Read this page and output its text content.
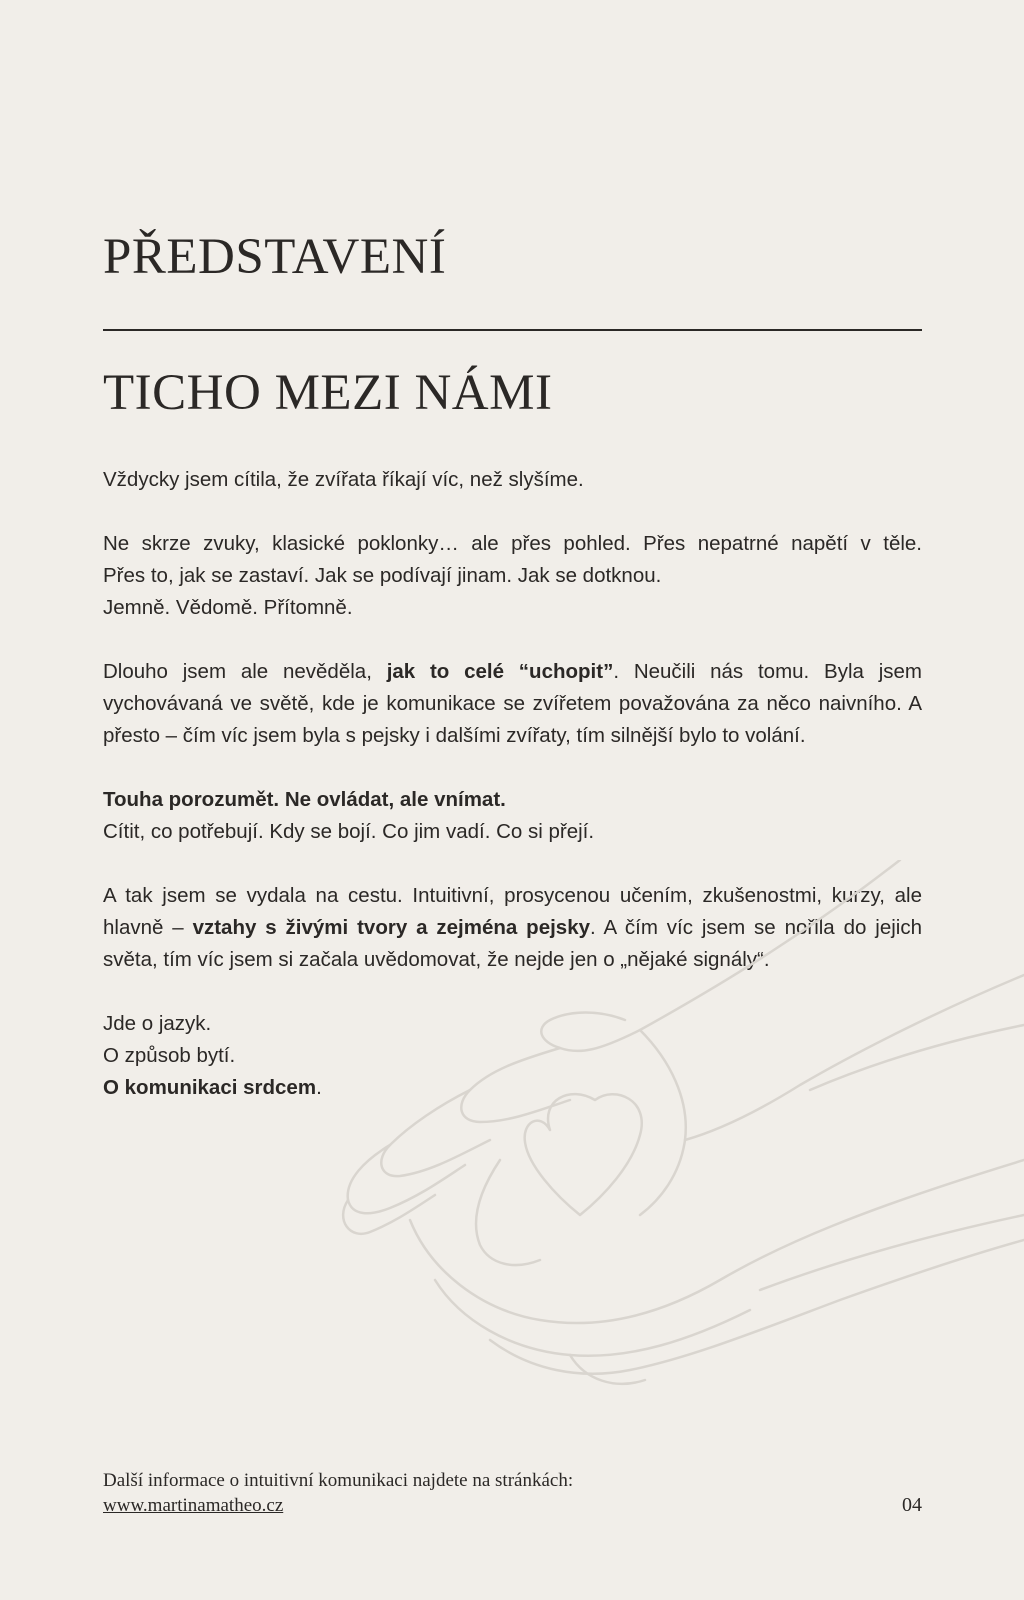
PŘEDSTAVENÍ
TICHO MEZI NÁMI

Vždycky jsem cítila, že zvířata říkají víc, než slyšíme.

Ne skrze zvuky, klasické poklonky… ale přes pohled. Přes nepatrné napětí v těle.
Přes to, jak se zastaví. Jak se podívají jinam. Jak se dotknou.
Jemně. Vědomě. Přítomně.

Dlouho jsem ale nevěděla, jak to celé “uchopit”. Neučili nás tomu. Byla jsem vychovávaná ve světě, kde je komunikace se zvířetem považována za něco naivního. A přesto – čím víc jsem byla s pejsky i dalšími zvířaty, tím silnější bylo to volání.

Touha porozumět. Ne ovládat, ale vnímat.
Cítit, co potřebují. Kdy se bojí. Co jim vadí. Co si přejí.

A tak jsem se vydala na cestu. Intuitivní, prosycenou učením, zkušenostmi, kurzy, ale hlavně – vztahy s živými tvory a zejména pejsky. A čím víc jsem se nořila do jejich světa, tím víc jsem si začala uvědomovat, že nejde jen o „nějaké signály“.

Jde o jazyk.
O způsob bytí.
O komunikaci srdcem.

Další informace o intuitivní komunikaci najdete na stránkách:
www.martinamatheo.cz	04
